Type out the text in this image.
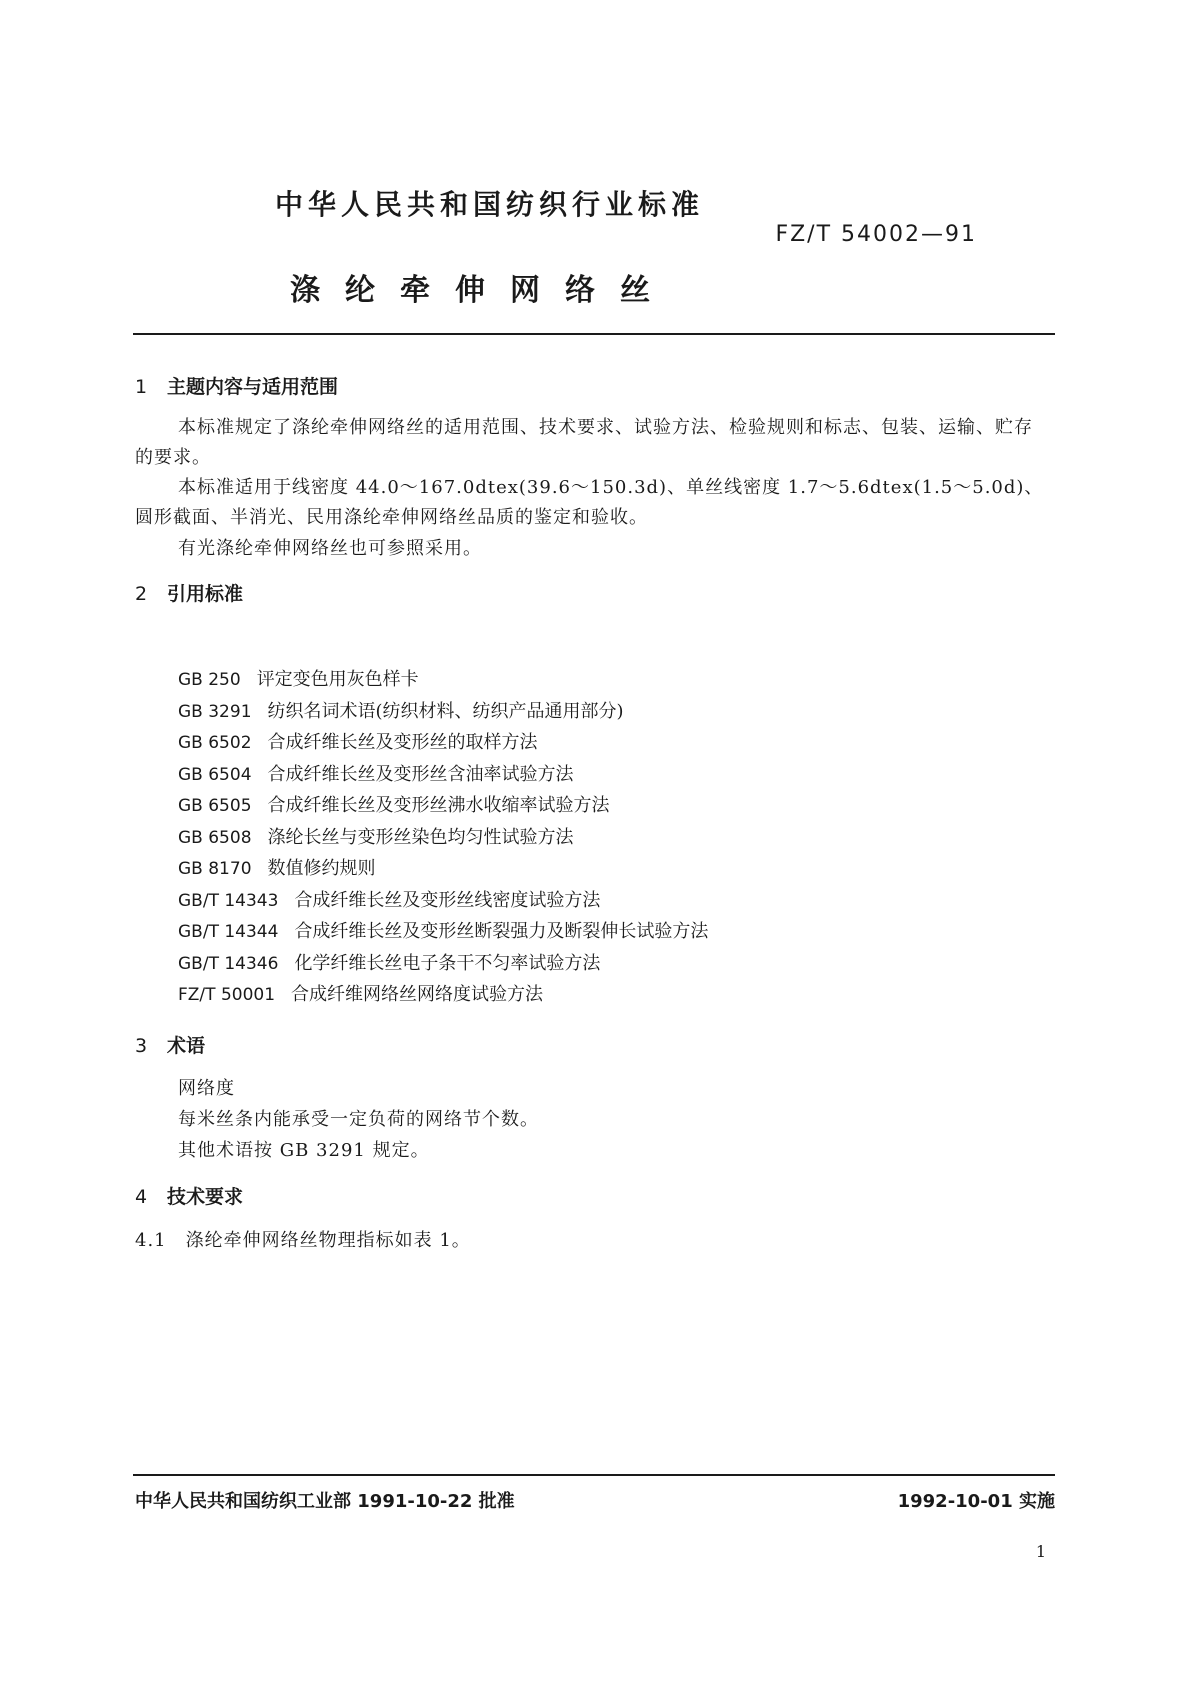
中华人民共和国纺织行业标准
FZ/T 54002—91
涤纶牵伸网络丝
1 主题内容与适用范围
本标准规定了涤纶牵伸网络丝的适用范围、技术要求、试验方法、检验规则和标志、包装、运输、贮存
的要求。
本标准适用于线密度 44.0～167.0dtex(39.6～150.3d)、单丝线密度 1.7～5.6dtex(1.5～5.0d)、
圆形截面、半消光、民用涤纶牵伸网络丝品质的鉴定和验收。
有光涤纶牵伸网络丝也可参照采用。
2 引用标准
GB 250 评定变色用灰色样卡
GB 3291 纺织名词术语(纺织材料、纺织产品通用部分)
GB 6502 合成纤维长丝及变形丝的取样方法
GB 6504 合成纤维长丝及变形丝含油率试验方法
GB 6505 合成纤维长丝及变形丝沸水收缩率试验方法
GB 6508 涤纶长丝与变形丝染色均匀性试验方法
GB 8170 数值修约规则
GB/T 14343 合成纤维长丝及变形丝线密度试验方法
GB/T 14344 合成纤维长丝及变形丝断裂强力及断裂伸长试验方法
GB/T 14346 化学纤维长丝电子条干不匀率试验方法
FZ/T 50001 合成纤维网络丝网络度试验方法
3 术语
网络度
每米丝条内能承受一定负荷的网络节个数。
其他术语按 GB 3291 规定。
4 技术要求
4.1　涤纶牵伸网络丝物理指标如表 1。
中华人民共和国纺织工业部 1991-10-22 批准	1992-10-01 实施
1
